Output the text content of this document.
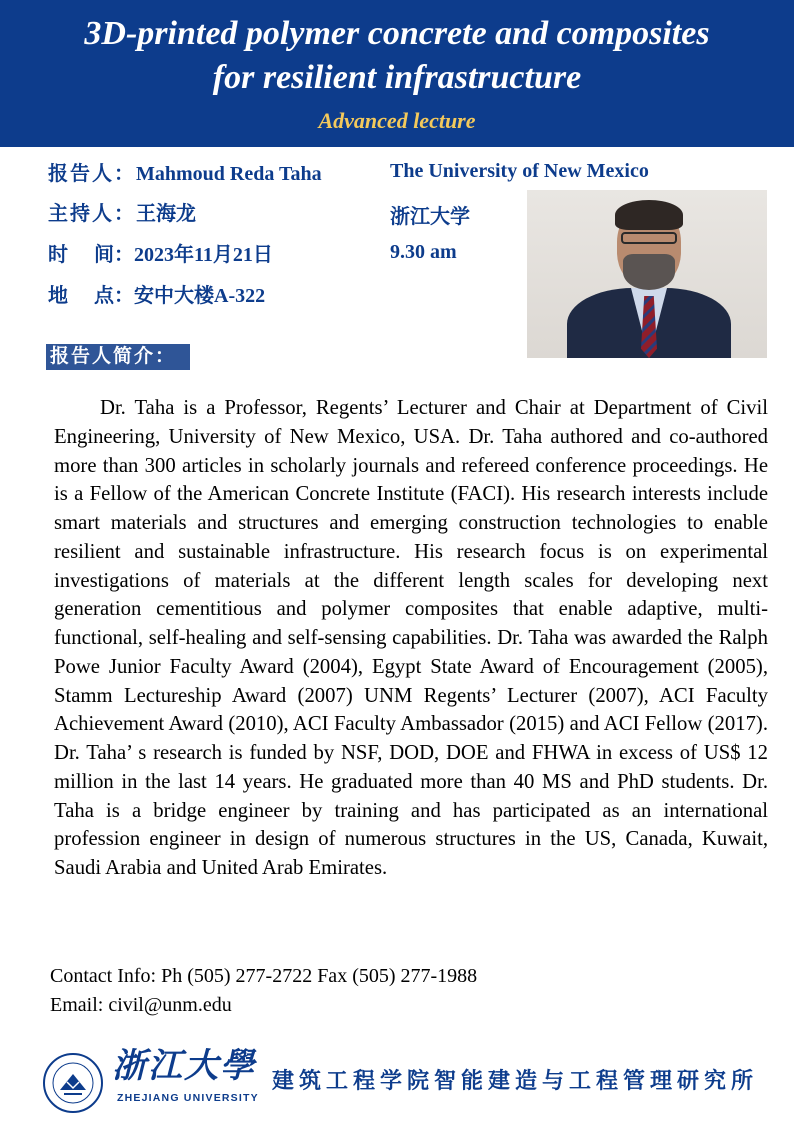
3D-printed polymer concrete and composites
for resilient infrastructure
Advanced lecture
报告人：Mahmoud Reda Taha	The University of New Mexico
主持人：王海龙	浙江大学
时 间：2023年11月21日	9.30 am
地 点：安中大楼A-322
报告人简介：

Dr. Taha is a Professor, Regents’ Lecturer and Chair at Department of Civil Engineering, University of New Mexico, USA. Dr. Taha authored and co-authored more than 300 articles in scholarly journals and refereed conference proceedings. He is a Fellow of the American Concrete Institute (FACI). His research interests include smart materials and structures and emerging construction technologies to enable resilient and sustainable infrastructure. His research focus is on experimental investigations of materials at the different length scales for developing next generation cementitious and polymer composites that enable adaptive, multi-functional, self-healing and self-sensing capabilities. Dr. Taha was awarded the Ralph Powe Junior Faculty Award (2004), Egypt State Award of Encouragement (2005), Stamm Lectureship Award (2007) UNM Regents’ Lecturer (2007), ACI Faculty Achievement Award (2010), ACI Faculty Ambassador (2015) and ACI Fellow (2017). Dr. Taha’ s research is funded by NSF, DOD, DOE and FHWA in excess of US$ 12 million in the last 14 years. He graduated more than 40 MS and PhD students. Dr. Taha is a bridge engineer by training and has participated as an international profession engineer in design of numerous structures in the US, Canada, Kuwait, Saudi Arabia and United Arab Emirates.

Contact Info: Ph (505) 277-2722 Fax (505) 277-1988
Email: civil@unm.edu
浙江大學
ZHEJIANG UNIVERSITY
建筑工程学院智能建造与工程管理研究所
